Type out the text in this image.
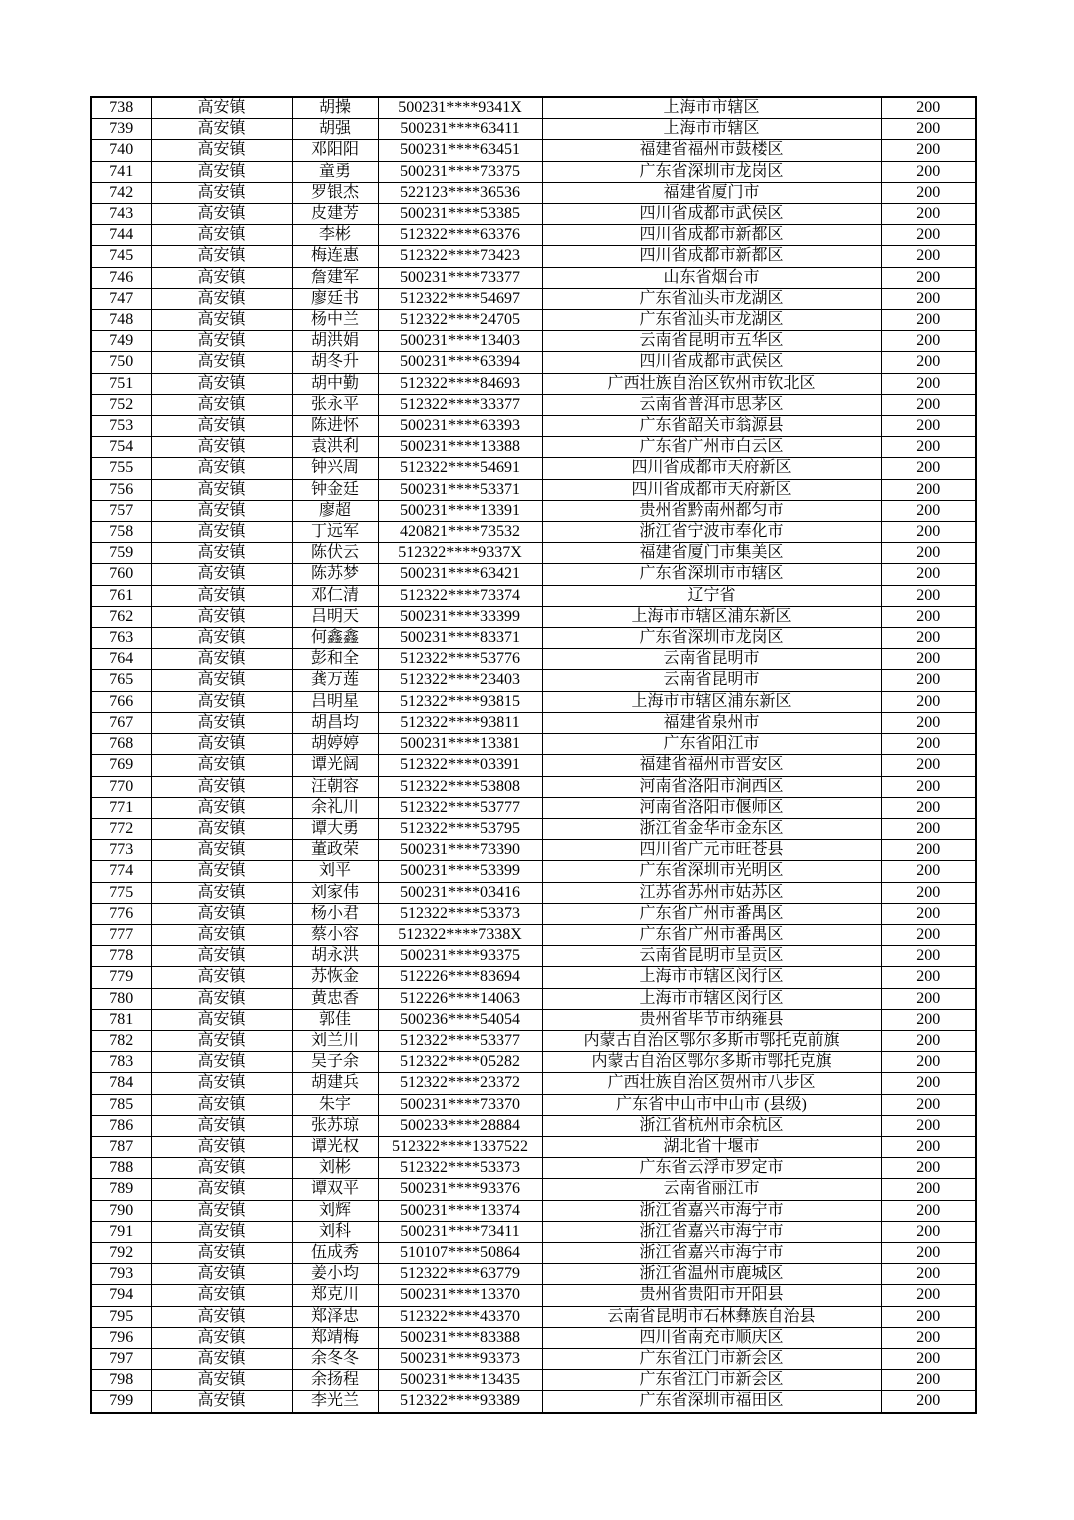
738	高安镇	胡操	500231****9341X	上海市市辖区	200
739	高安镇	胡强	500231****63411	上海市市辖区	200
740	高安镇	邓阳阳	500231****63451	福建省福州市鼓楼区	200
741	高安镇	童勇	500231****73375	广东省深圳市龙岗区	200
742	高安镇	罗银杰	522123****36536	福建省厦门市	200
743	高安镇	皮建芳	500231****53385	四川省成都市武侯区	200
744	高安镇	李彬	512322****63376	四川省成都市新都区	200
745	高安镇	梅连惠	512322****73423	四川省成都市新都区	200
746	高安镇	詹建军	500231****73377	山东省烟台市	200
747	高安镇	廖廷书	512322****54697	广东省汕头市龙湖区	200
748	高安镇	杨中兰	512322****24705	广东省汕头市龙湖区	200
749	高安镇	胡洪娟	500231****13403	云南省昆明市五华区	200
750	高安镇	胡冬升	500231****63394	四川省成都市武侯区	200
751	高安镇	胡中勤	512322****84693	广西壮族自治区钦州市钦北区	200
752	高安镇	张永平	512322****33377	云南省普洱市思茅区	200
753	高安镇	陈进怀	500231****63393	广东省韶关市翁源县	200
754	高安镇	袁洪利	500231****13388	广东省广州市白云区	200
755	高安镇	钟兴周	512322****54691	四川省成都市天府新区	200
756	高安镇	钟金廷	500231****53371	四川省成都市天府新区	200
757	高安镇	廖超	500231****13391	贵州省黔南州都匀市	200
758	高安镇	丁远军	420821****73532	浙江省宁波市奉化市	200
759	高安镇	陈伏云	512322****9337X	福建省厦门市集美区	200
760	高安镇	陈苏梦	500231****63421	广东省深圳市市辖区	200
761	高安镇	邓仁清	512322****73374	辽宁省	200
762	高安镇	吕明天	500231****33399	上海市市辖区浦东新区	200
763	高安镇	何鑫鑫	500231****83371	广东省深圳市龙岗区	200
764	高安镇	彭和全	512322****53776	云南省昆明市	200
765	高安镇	龚万莲	512322****23403	云南省昆明市	200
766	高安镇	吕明星	512322****93815	上海市市辖区浦东新区	200
767	高安镇	胡昌均	512322****93811	福建省泉州市	200
768	高安镇	胡婷婷	500231****13381	广东省阳江市	200
769	高安镇	谭光阔	512322****03391	福建省福州市晋安区	200
770	高安镇	汪朝容	512322****53808	河南省洛阳市涧西区	200
771	高安镇	余礼川	512322****53777	河南省洛阳市偃师区	200
772	高安镇	谭大勇	512322****53795	浙江省金华市金东区	200
773	高安镇	董政荣	500231****73390	四川省广元市旺苍县	200
774	高安镇	刘平	500231****53399	广东省深圳市光明区	200
775	高安镇	刘家伟	500231****03416	江苏省苏州市姑苏区	200
776	高安镇	杨小君	512322****53373	广东省广州市番禺区	200
777	高安镇	蔡小容	512322****7338X	广东省广州市番禺区	200
778	高安镇	胡永洪	500231****93375	云南省昆明市呈贡区	200
779	高安镇	苏恢金	512226****83694	上海市市辖区闵行区	200
780	高安镇	黄忠香	512226****14063	上海市市辖区闵行区	200
781	高安镇	郭佳	500236****54054	贵州省毕节市纳雍县	200
782	高安镇	刘兰川	512322****53377	内蒙古自治区鄂尔多斯市鄂托克前旗	200
783	高安镇	吴子余	512322****05282	内蒙古自治区鄂尔多斯市鄂托克旗	200
784	高安镇	胡建兵	512322****23372	广西壮族自治区贺州市八步区	200
785	高安镇	朱宇	500231****73370	广东省中山市中山市 (县级)	200
786	高安镇	张苏琼	500233****28884	浙江省杭州市余杭区	200
787	高安镇	谭光权	512322****1337522	湖北省十堰市	200
788	高安镇	刘彬	512322****53373	广东省云浮市罗定市	200
789	高安镇	谭双平	500231****93376	云南省丽江市	200
790	高安镇	刘辉	500231****13374	浙江省嘉兴市海宁市	200
791	高安镇	刘科	500231****73411	浙江省嘉兴市海宁市	200
792	高安镇	伍成秀	510107****50864	浙江省嘉兴市海宁市	200
793	高安镇	姜小均	512322****63779	浙江省温州市鹿城区	200
794	高安镇	郑克川	500231****13370	贵州省贵阳市开阳县	200
795	高安镇	郑泽忠	512322****43370	云南省昆明市石林彝族自治县	200
796	高安镇	郑靖梅	500231****83388	四川省南充市顺庆区	200
797	高安镇	余冬冬	500231****93373	广东省江门市新会区	200
798	高安镇	余扬程	500231****13435	广东省江门市新会区	200
799	高安镇	李光兰	512322****93389	广东省深圳市福田区	200
